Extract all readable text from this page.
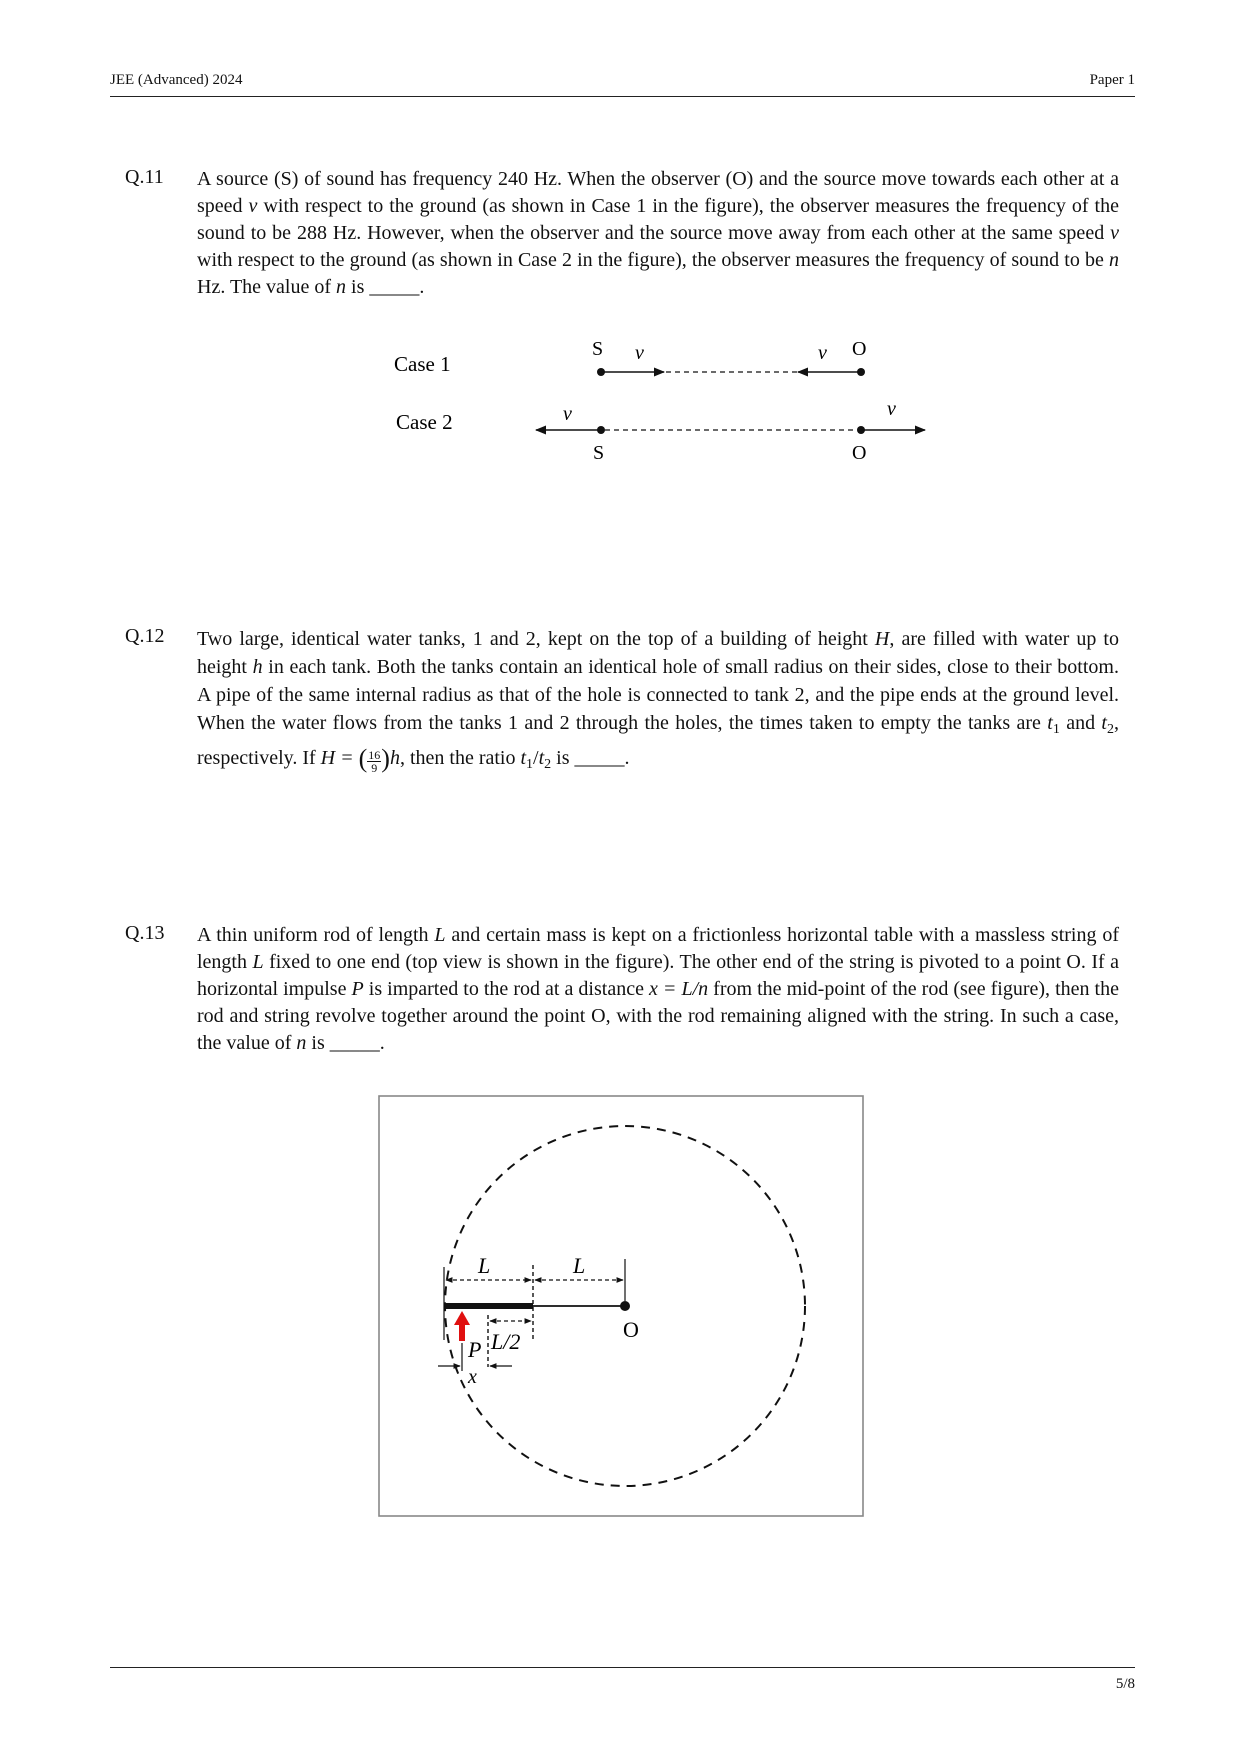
JEE (Advanced) 2024	Paper 1
Q.11 A source (S) of sound has frequency 240 Hz. When the observer (O) and the source move towards each other at a speed v with respect to the ground (as shown in Case 1 in the figure), the observer measures the frequency of the sound to be 288 Hz. However, when the observer and the source move away from each other at the same speed v with respect to the ground (as shown in Case 2 in the figure), the observer measures the frequency of sound to be n Hz. The value of n is _____.
Case 1
Case 2
S v	v O
v	v
S	O
Q.12 Two large, identical water tanks, 1 and 2, kept on the top of a building of height H, are filled with water up to height h in each tank. Both the tanks contain an identical hole of small radius on their sides, close to their bottom. A pipe of the same internal radius as that of the hole is connected to tank 2, and the pipe ends at the ground level. When the water flows from the tanks 1 and 2 through the holes, the times taken to empty the tanks are $t_1$ and $t_2$, respectively. If H = ( $\frac{16}{9} )h$, then the ratio $t_1/t_2$ is _____.
Q.13 A thin uniform rod of length L and certain mass is kept on a frictionless horizontal table with a massless string of length L fixed to one end (top view is shown in the figure). The other end of the string is pivoted to a point O. If a horizontal impulse P is imparted to the rod at a distance x = L/n from the mid-point of the rod (see figure), then the rod and string revolve together around the point O, with the rod remaining aligned with the string. In such a case, the value of n is _____.
O
L	L
L/2
P
x
5/8
